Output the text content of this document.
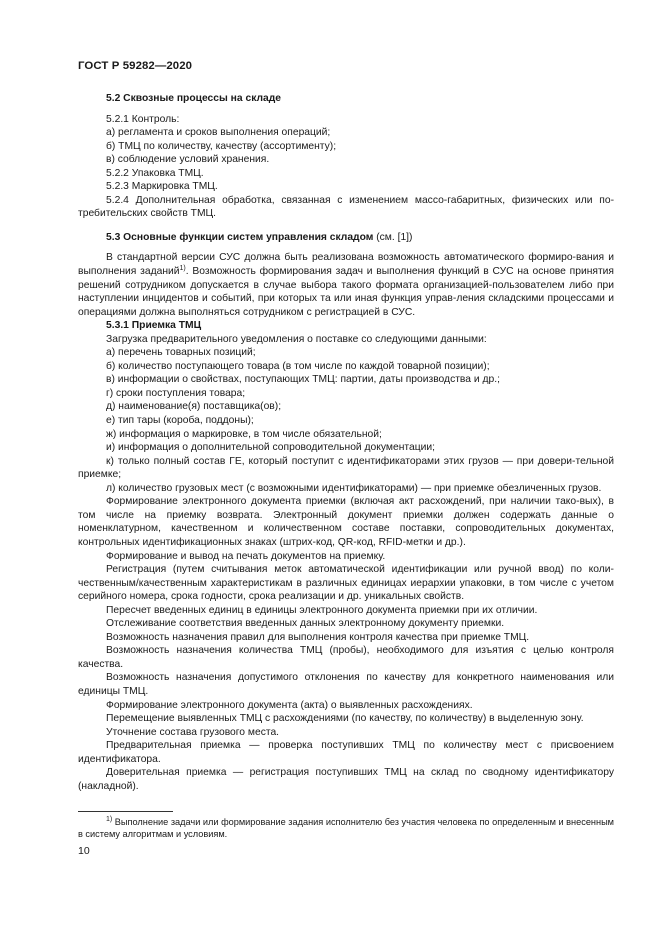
ГОСТ Р 59282—2020

5.2 Сквозные процессы на складе

5.2.1 Контроль:

а) регламента и сроков выполнения операций;

б) ТМЦ по количеству, качеству (ассортименту);

в) соблюдение условий хранения.

5.2.2 Упаковка ТМЦ.

5.2.3 Маркировка ТМЦ.

5.2.4 Дополнительная обработка, связанная с изменением массо-габаритных, физических или по-требительских свойств ТМЦ.

5.3 Основные функции систем управления складом (см. [1])

В стандартной версии СУС должна быть реализована возможность автоматического формиро-вания и выполнения заданий$^{1)}$. Возможность формирования задач и выполнения функций в СУС на основе принятия решений сотрудником допускается в случае выбора такого формата организацией-пользователем либо при наступлении инцидентов и событий, при которых та или иная функция управ-ления складскими процессами и операциями должна выполняться сотрудником с регистрацией в СУС.

5.3.1 Приемка ТМЦ

Загрузка предварительного уведомления о поставке со следующими данными:

а) перечень товарных позиций;

б) количество поступающего товара (в том числе по каждой товарной позиции);

в) информации о свойствах, поступающих ТМЦ: партии, даты производства и др.;

г) сроки поступления товара;

д) наименование(я) поставщика(ов);

е) тип тары (короба, поддоны);

ж) информация о маркировке, в том числе обязательной;

и) информация о дополнительной сопроводительной документации;

к) только полный состав ГЕ, который поступит с идентификаторами этих грузов — при довери-тельной приемке;

л) количество грузовых мест (с возможными идентификаторами) — при приемке обезличенных грузов.

Формирование электронного документа приемки (включая акт расхождений, при наличии тако-вых), в том числе на приемку возврата. Электронный документ приемки должен содержать данные о номенклатурном, качественном и количественном составе поставки, сопроводительных документах, контрольных идентификационных знаках (штрих-код, QR-код, RFID-метки и др.).

Формирование и вывод на печать документов на приемку.

Регистрация (путем считывания меток автоматической идентификации или ручной ввод) по коли-чественным/качественным характеристикам в различных единицах иерархии упаковки, в том числе с учетом серийного номера, срока годности, срока реализации и др. уникальных свойств.

Пересчет введенных единиц в единицы электронного документа приемки при их отличии.

Отслеживание соответствия введенных данных электронному документу приемки.

Возможность назначения правил для выполнения контроля качества при приемке ТМЦ.

Возможность назначения количества ТМЦ (пробы), необходимого для изъятия с целью контроля качества.

Возможность назначения допустимого отклонения по качеству для конкретного наименования или единицы ТМЦ.

Формирование электронного документа (акта) о выявленных расхождениях.

Перемещение выявленных ТМЦ с расхождениями (по качеству, по количеству) в выделенную зону.

Уточнение состава грузового места.

Предварительная приемка — проверка поступивших ТМЦ по количеству мест с присвоением идентификатора.

Доверительная приемка — регистрация поступивших ТМЦ на склад по сводному идентификатору (накладной).

$^{1)}$ Выполнение задачи или формирование задания исполнителю без участия человека по определенным и внесенным в систему алгоритмам и условиям.

10
